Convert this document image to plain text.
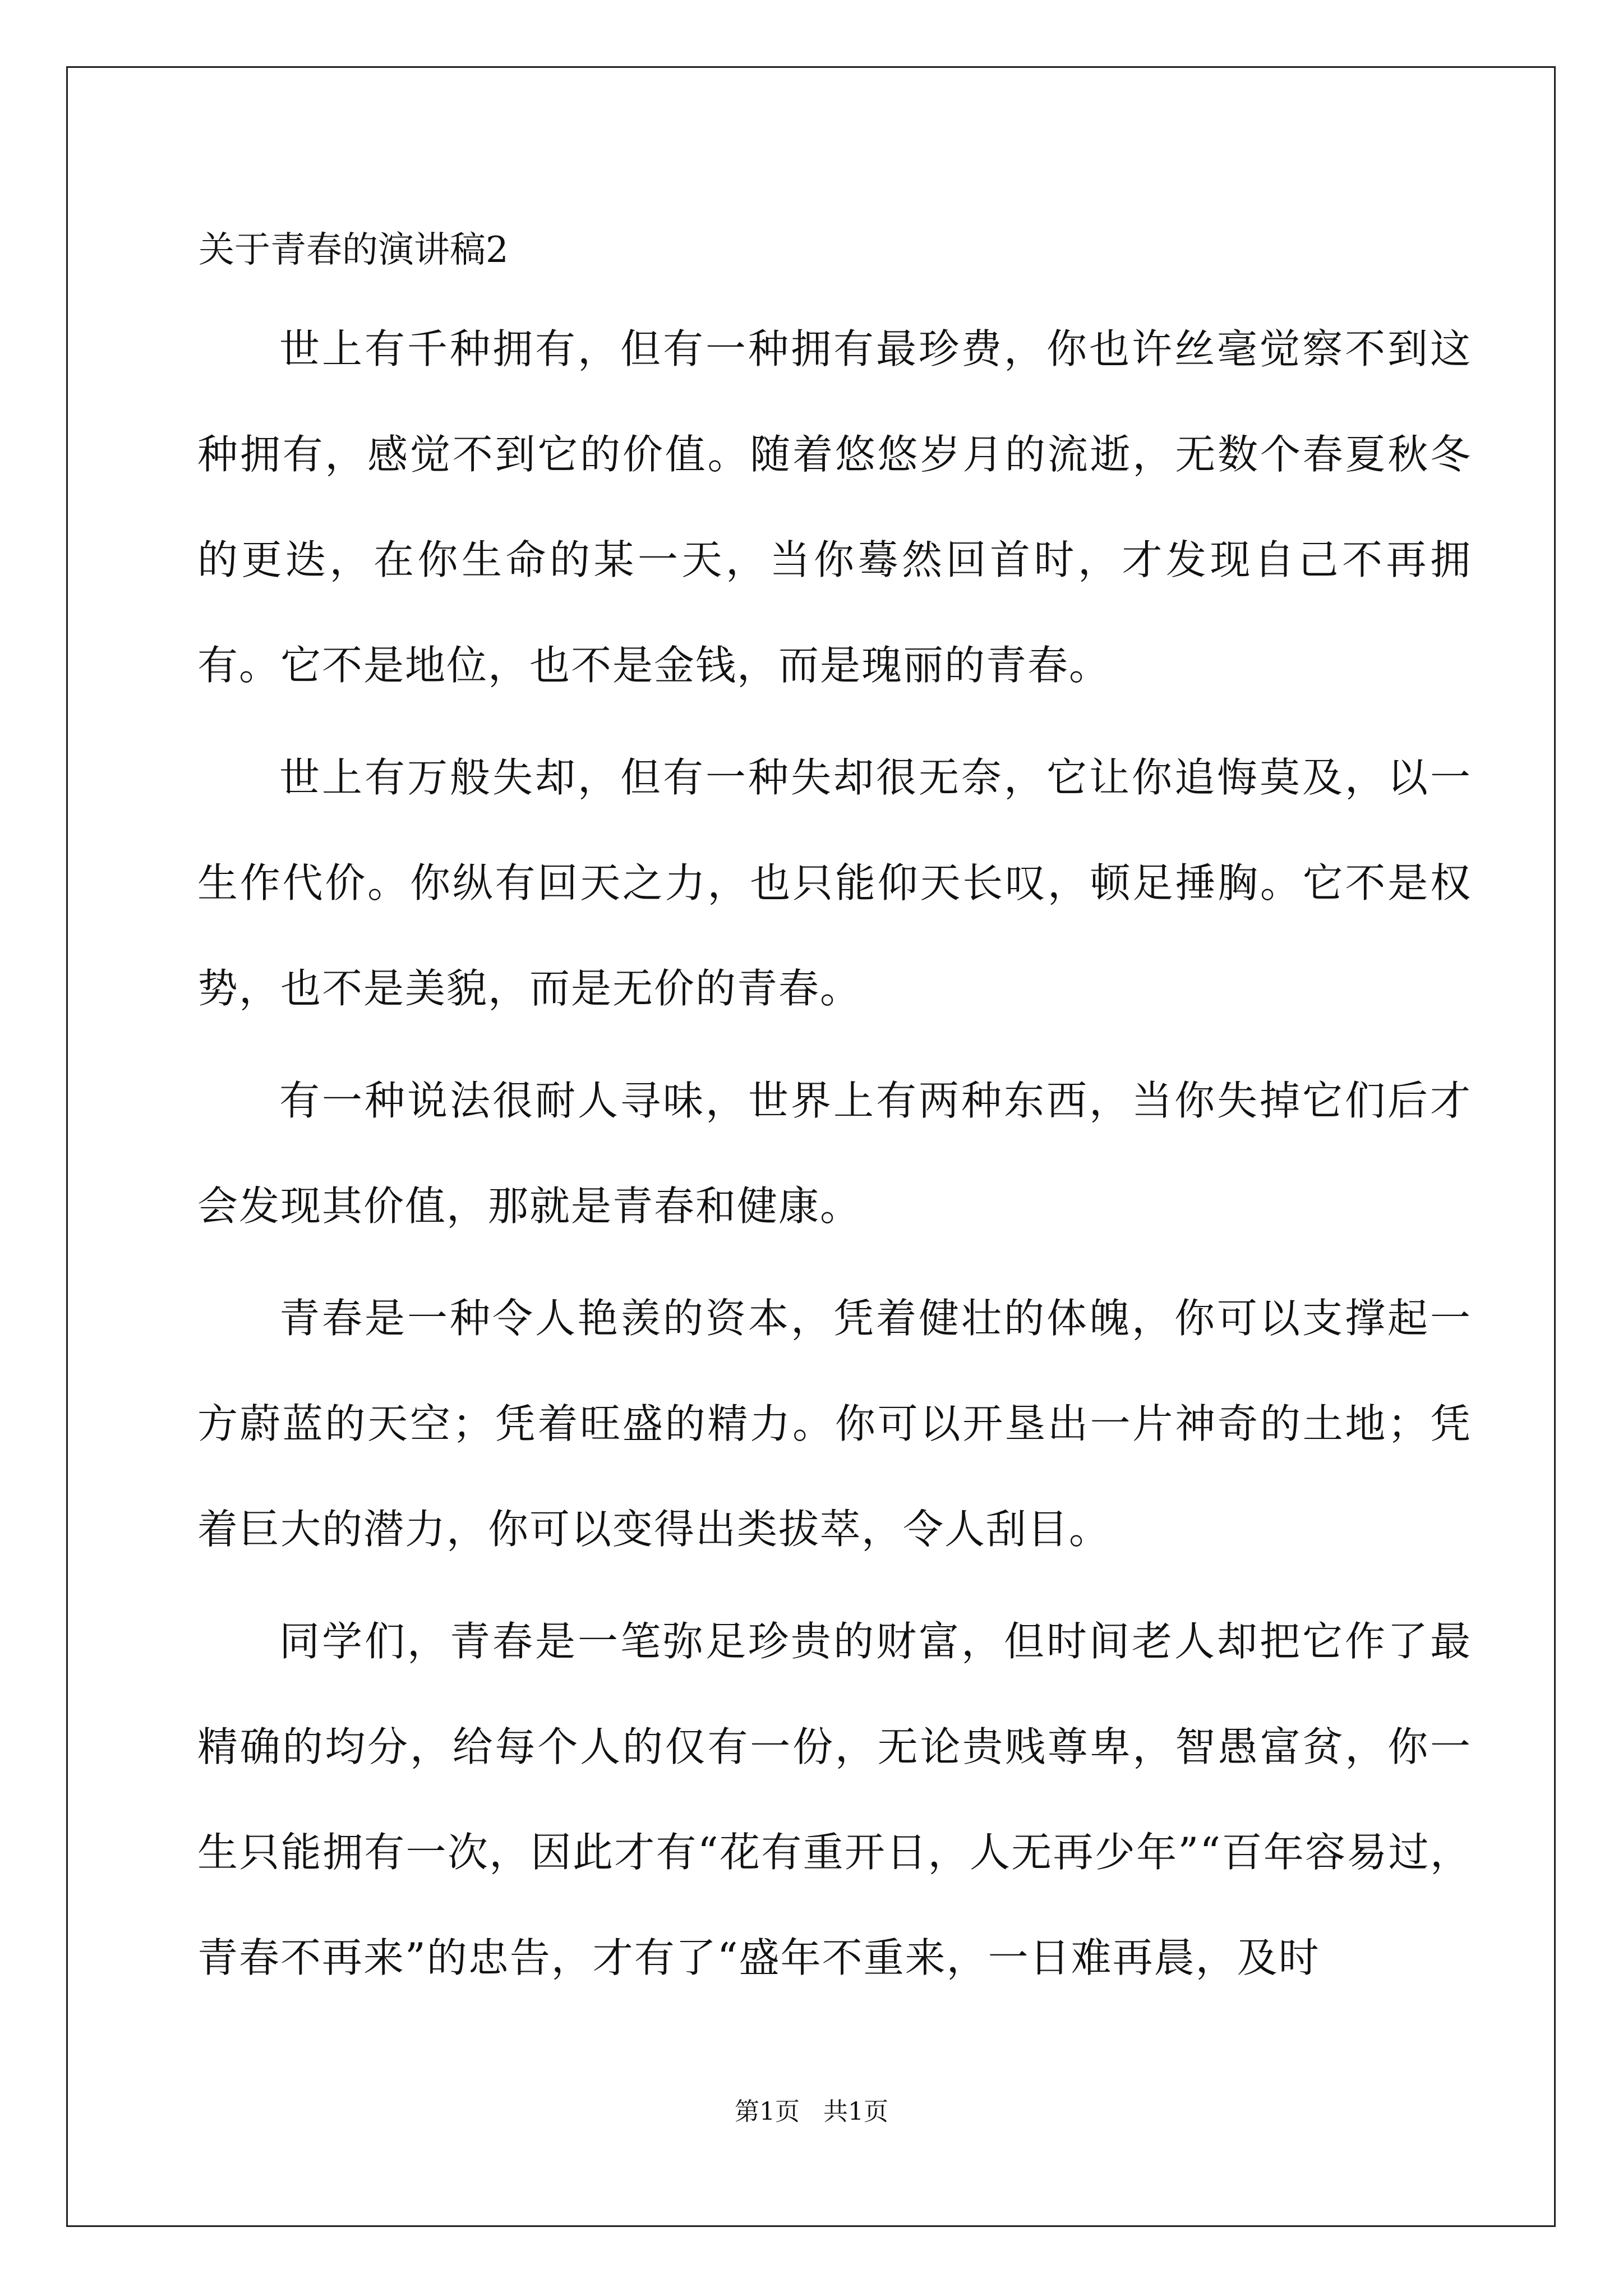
关于青春的演讲稿2

世上有千种拥有，但有一种拥有最珍费，你也许丝毫觉察不到这种拥有，感觉不到它的价值。随着悠悠岁月的流逝，无数个春夏秋冬的更迭，在你生命的某一天，当你蓦然回首时，才发现自己不再拥有。它不是地位，也不是金钱，而是瑰丽的青春。

世上有万般失却，但有一种失却很无奈，它让你追悔莫及，以一生作代价。你纵有回天之力，也只能仰天长叹，顿足捶胸。它不是权势，也不是美貌，而是无价的青春。

有一种说法很耐人寻味，世界上有两种东西，当你失掉它们后才会发现其价值，那就是青春和健康。

青春是一种令人艳羡的资本，凭着健壮的体魄，你可以支撑起一方蔚蓝的天空；凭着旺盛的精力。你可以开垦出一片神奇的土地；凭着巨大的潜力，你可以变得出类拔萃，令人刮目。

同学们，青春是一笔弥足珍贵的财富，但时间老人却把它作了最精确的均分，给每个人的仅有一份，无论贵贱尊卑，智愚富贫，你一生只能拥有一次，因此才有“花有重开日，人无再少年”“百年容易过，青春不再来”的忠告，才有了“盛年不重来，一日难再晨，及时

第1页   共1页
